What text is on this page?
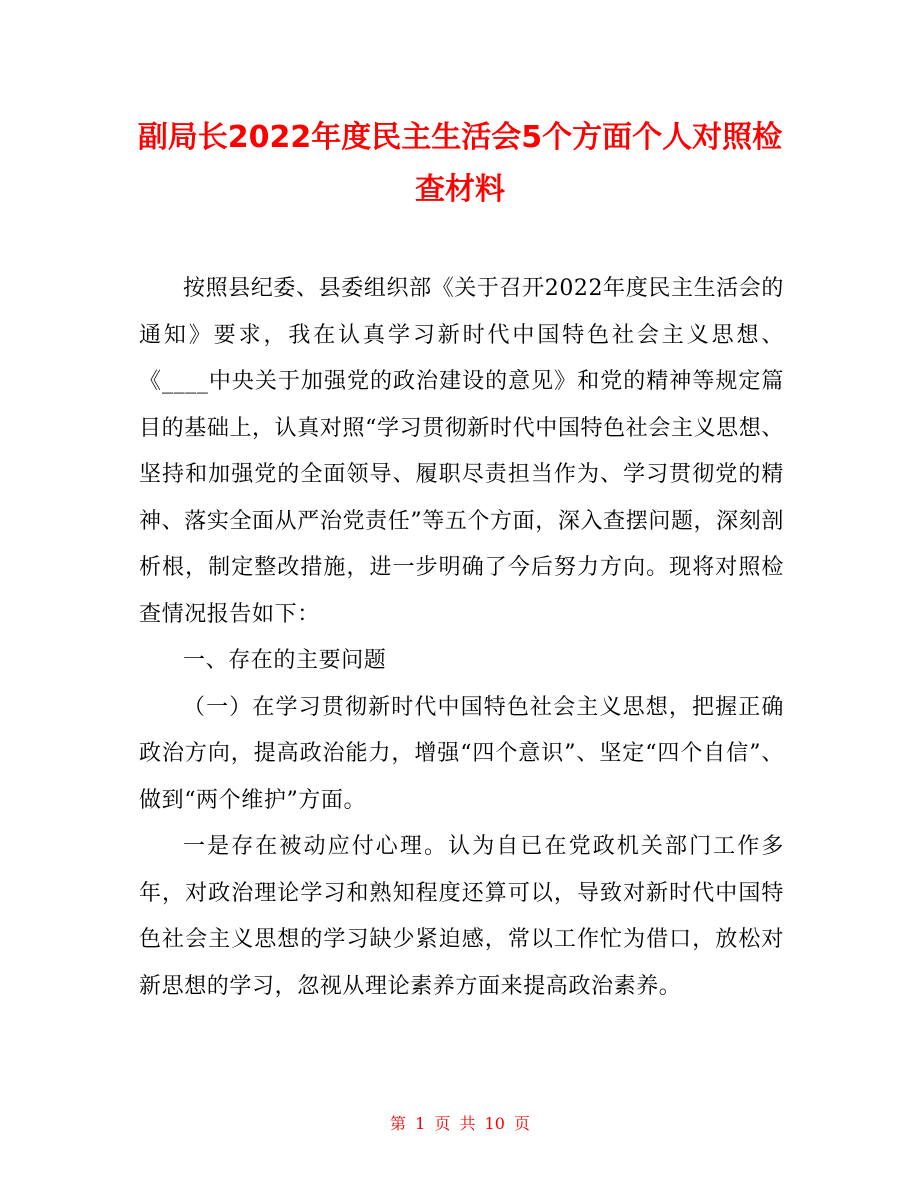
副局长2022年度民主生活会5个方面个人对照检查材料

按照县纪委、县委组织部《关于召开2022年度民主生活会的通知》要求，我在认真学习新时代中国特色社会主义思想、《____中央关于加强党的政治建设的意见》和党的精神等规定篇目的基础上，认真对照“学习贯彻新时代中国特色社会主义思想、坚持和加强党的全面领导、履职尽责担当作为、学习贯彻党的精神、落实全面从严治党责任”等五个方面，深入查摆问题，深刻剖析根，制定整改措施，进一步明确了今后努力方向。现将对照检查情况报告如下：

一、存在的主要问题

（一）在学习贯彻新时代中国特色社会主义思想，把握正确政治方向，提高政治能力，增强“四个意识”、坚定“四个自信”、做到“两个维护”方面。

一是存在被动应付心理。认为自已在党政机关部门工作多年，对政治理论学习和熟知程度还算可以，导致对新时代中国特色社会主义思想的学习缺少紧迫感，常以工作忙为借口，放松对新思想的学习，忽视从理论素养方面来提高政治素养。

第 1 页 共 10 页
